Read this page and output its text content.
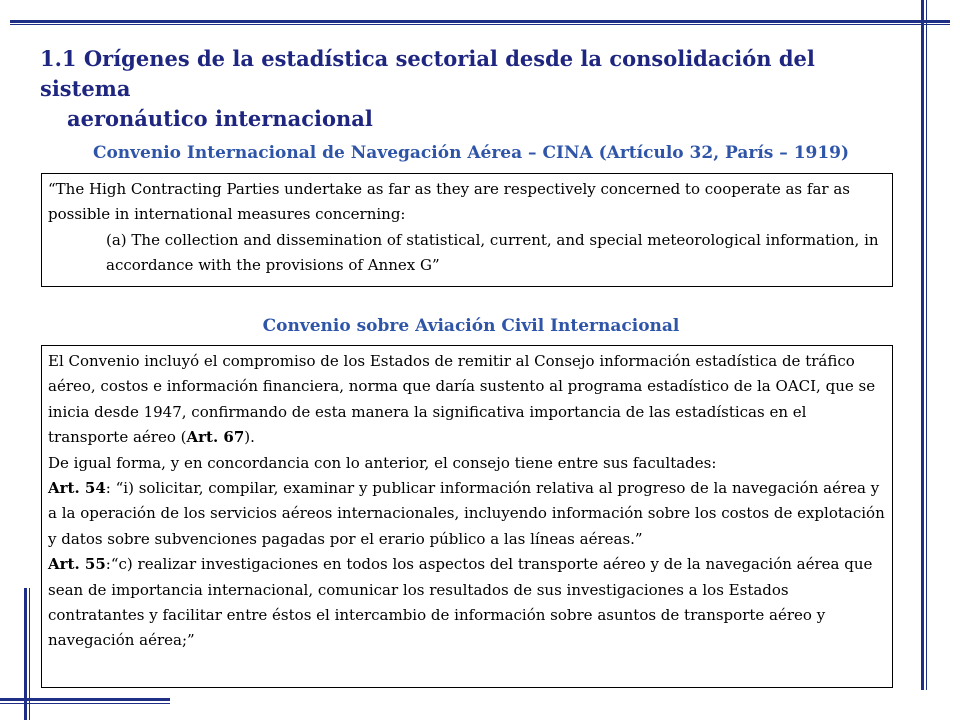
1.1 Orígenes de la estadística sectorial desde la consolidación del sistema
aeronáutico internacional
Convenio Internacional de Navegación Aérea – CINA (Artículo 32, París – 1919)

“The High Contracting Parties undertake as far as they are respectively concerned to cooperate as far as possible in international measures concerning:

(a) The collection and dissemination of statistical, current, and special meteorological information, in accordance with the provisions of Annex G”

Convenio sobre Aviación Civil Internacional

El Convenio incluyó el compromiso de los Estados de remitir al Consejo información estadística de tráfico aéreo, costos e información financiera, norma que daría sustento al programa estadístico de la OACI, que se inicia desde 1947, confirmando de esta manera la significativa importancia de las estadísticas en el transporte aéreo (Art. 67).

De igual forma, y en concordancia con lo anterior, el consejo tiene entre sus facultades:

Art. 54: “i) solicitar, compilar, examinar y publicar información relativa al progreso de la navegación aérea y a la operación de los servicios aéreos internacionales, incluyendo información sobre los costos de explotación y datos sobre subvenciones pagadas por el erario público a las líneas aéreas.”

Art. 55:“c) realizar investigaciones en todos los aspectos del transporte aéreo y de la navegación aérea que sean de importancia internacional, comunicar los resultados de sus investigaciones a los Estados contratantes y facilitar entre éstos el intercambio de información sobre asuntos de transporte aéreo y navegación aérea;”
